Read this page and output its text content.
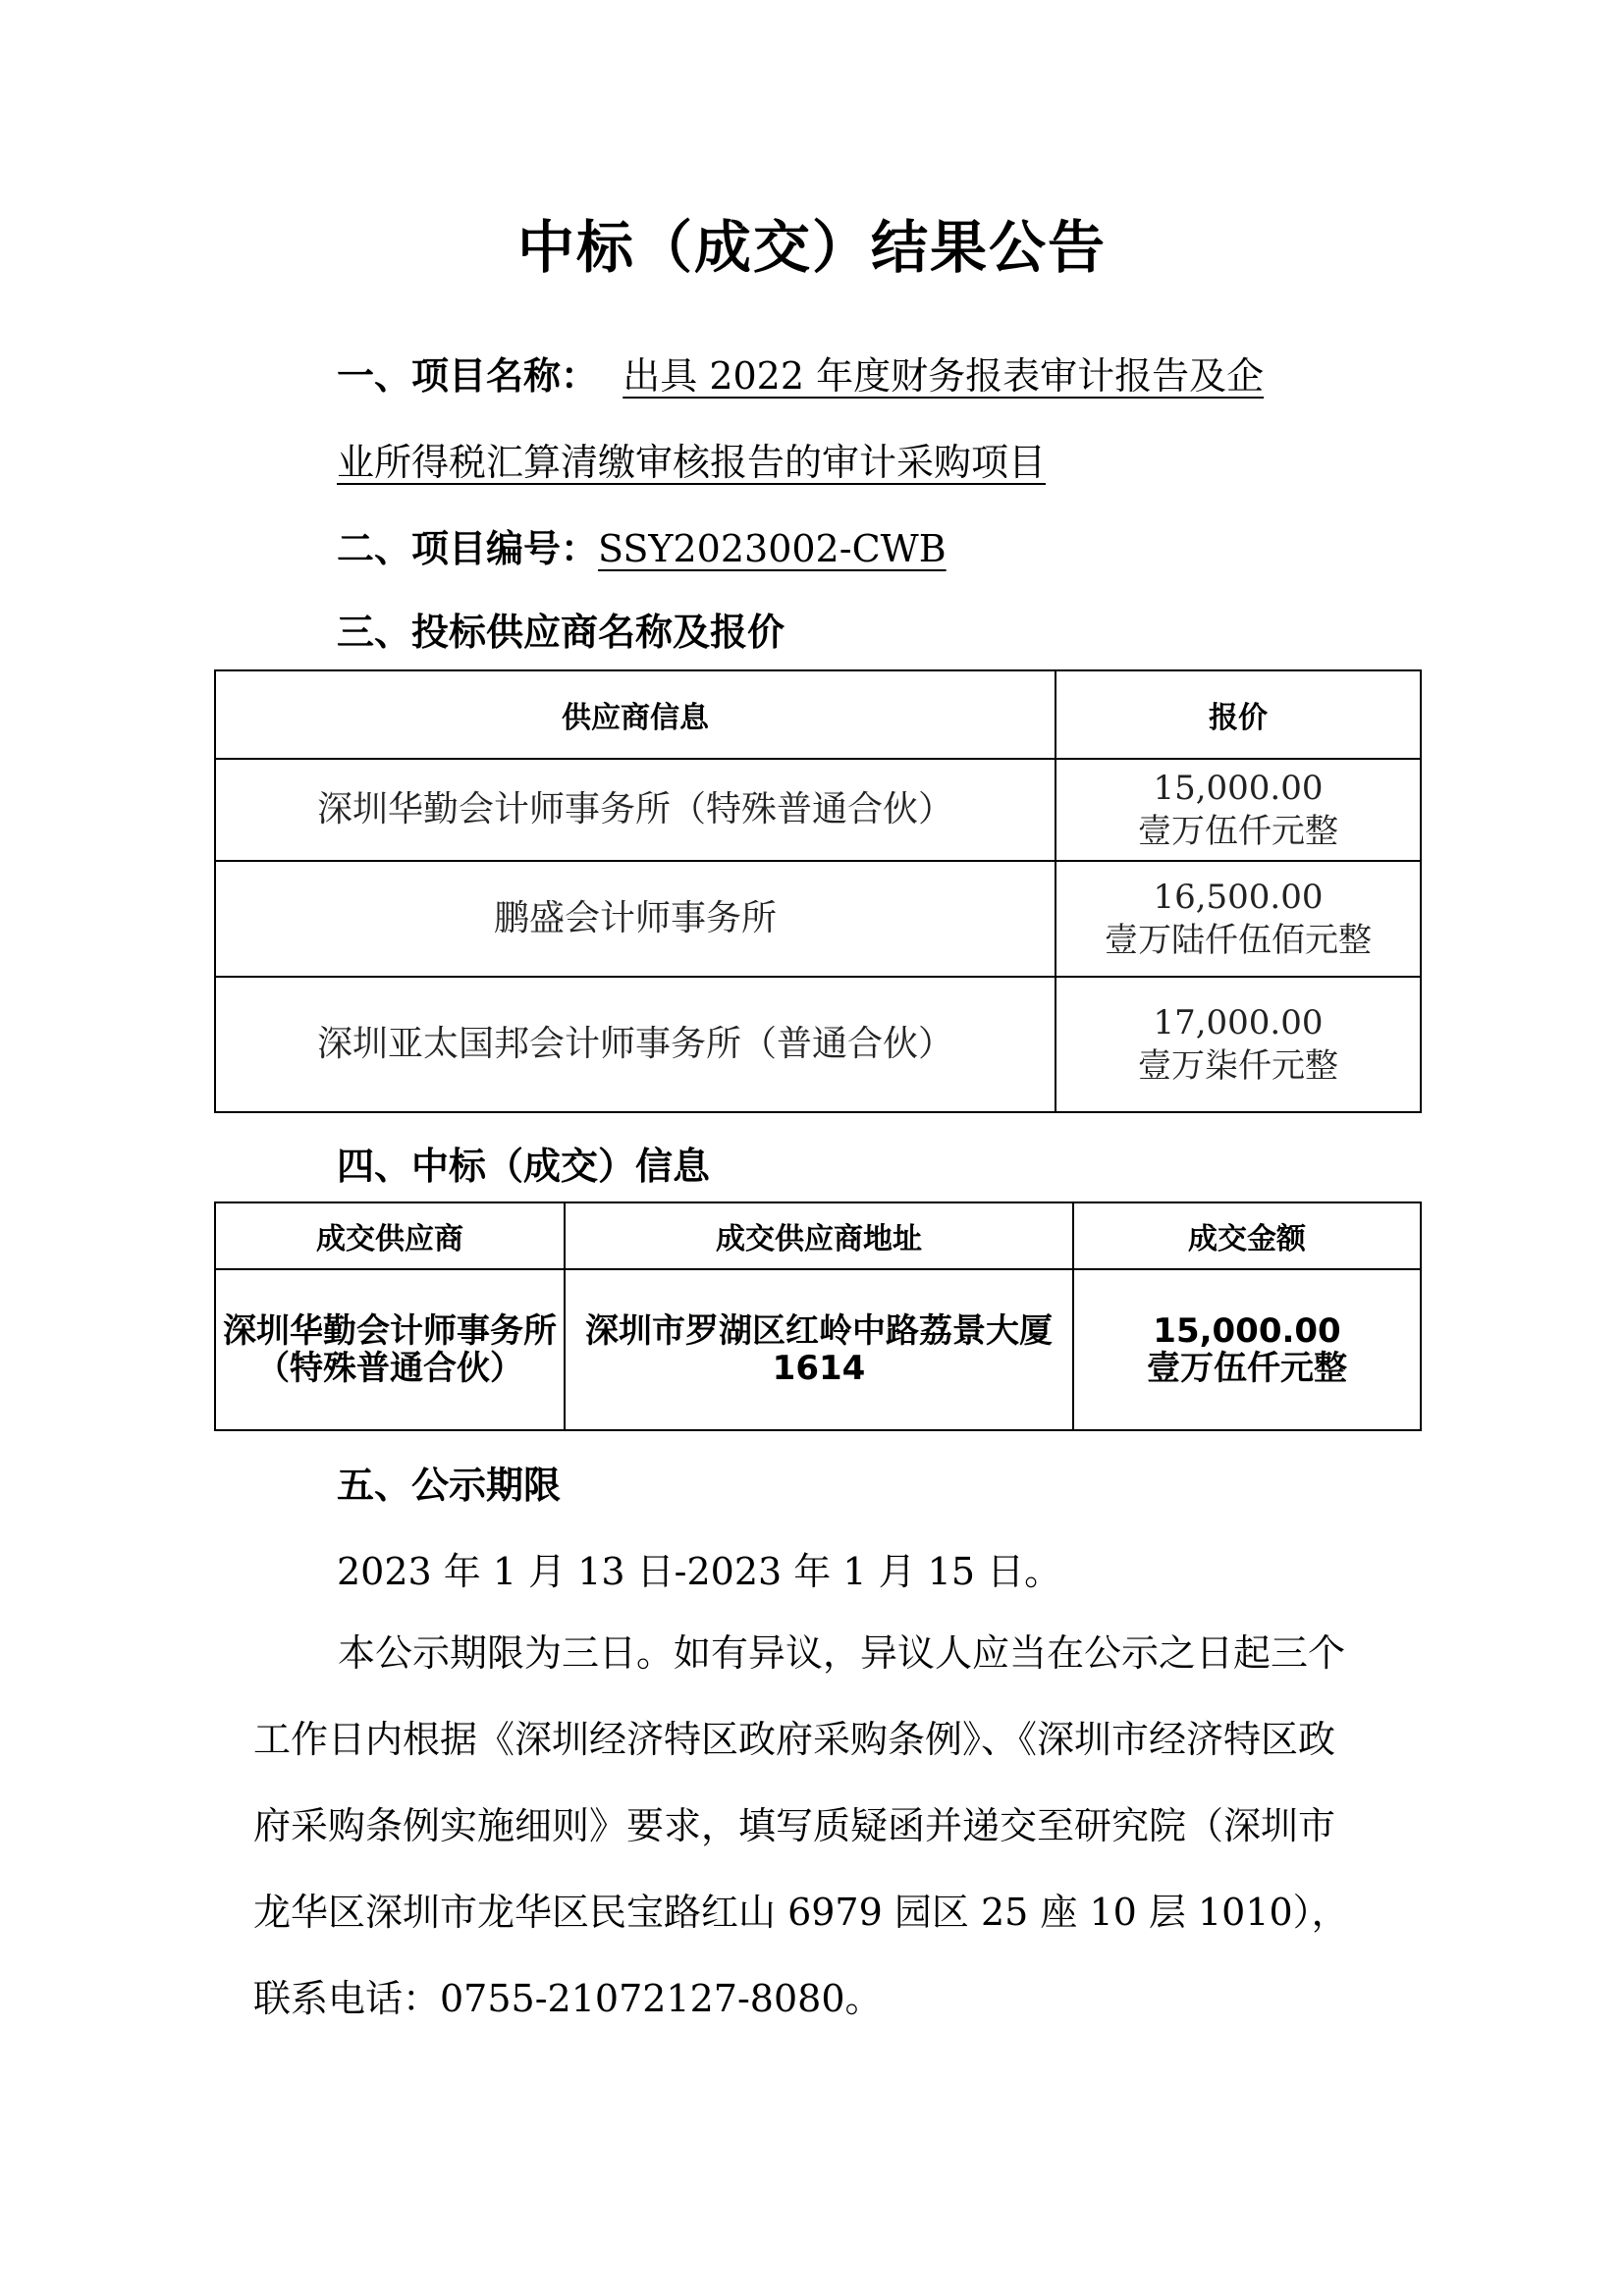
中标（成交）结果公告
一、项目名称： 出具 2022 年度财务报表审计报告及企
业所得税汇算清缴审核报告的审计采购项目
二、项目编号：SSY2023002-CWB
三、投标供应商名称及报价
供应商信息	报价
深圳华勤会计师事务所（特殊普通合伙）	15,000.00
壹万伍仟元整

鹏盛会计师事务所	16,500.00
壹万陆仟伍佰元整

深圳亚太国邦会计师事务所（普通合伙）	17,000.00
壹万柒仟元整
四、中标（成交）信息
成交供应商	成交供应商地址	成交金额
深圳华勤会计师事务所（特殊普通合伙）	深圳市罗湖区红岭中路荔景大厦 1614	15,000.00
壹万伍仟元整
五、公示期限
2023 年 1 月 13 日-2023 年 1 月 15 日。
本公示期限为三日。如有异议，异议人应当在公示之日起三个工作日内根据《深圳经济特区政府采购条例》、《深圳市经济特区政府采购条例实施细则》要求，填写质疑函并递交至研究院（深圳市龙华区深圳市龙华区民宝路红山 6979 园区 25 座 10 层 1010），联系电话：0755-21072127-8080。
